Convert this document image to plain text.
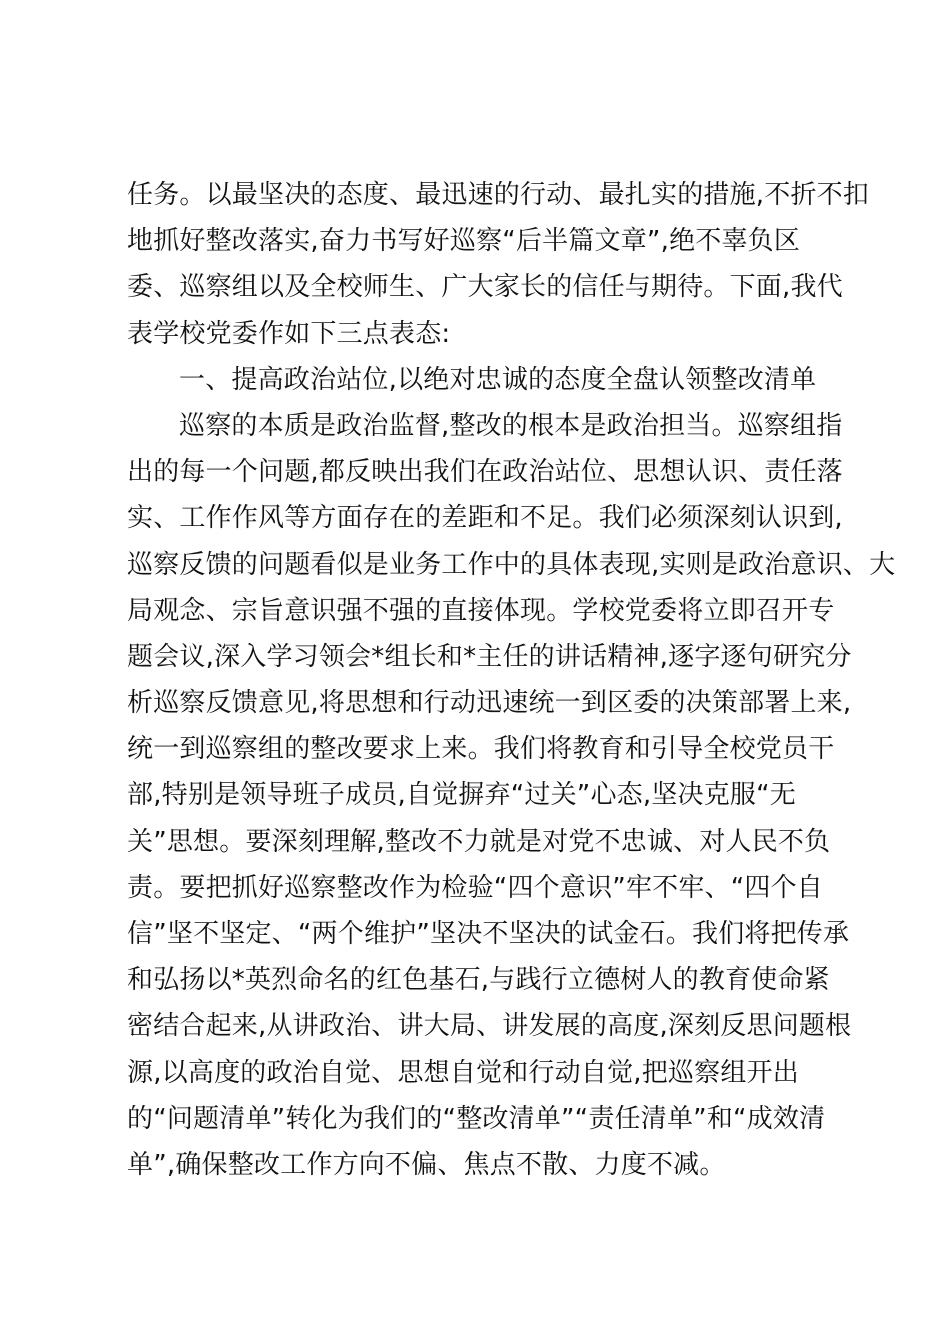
任务。以最坚决的态度、最迅速的行动、最扎实的措施,不折不扣
地抓好整改落实,奋力书写好巡察“后半篇文章”,绝不辜负区
委、巡察组以及全校师生、广大家长的信任与期待。下面,我代
表学校党委作如下三点表态:
一、提高政治站位,以绝对忠诚的态度全盘认领整改清单
巡察的本质是政治监督,整改的根本是政治担当。巡察组指
出的每一个问题,都反映出我们在政治站位、思想认识、责任落
实、工作作风等方面存在的差距和不足。我们必须深刻认识到,
巡察反馈的问题看似是业务工作中的具体表现,实则是政治意识、大
局观念、宗旨意识强不强的直接体现。学校党委将立即召开专
题会议,深入学习领会*组长和*主任的讲话精神,逐字逐句研究分
析巡察反馈意见,将思想和行动迅速统一到区委的决策部署上来,
统一到巡察组的整改要求上来。我们将教育和引导全校党员干
部,特别是领导班子成员,自觉摒弃“过关”心态,坚决克服“无
关”思想。要深刻理解,整改不力就是对党不忠诚、对人民不负
责。要把抓好巡察整改作为检验“四个意识”牢不牢、“四个自
信”坚不坚定、“两个维护”坚决不坚决的试金石。我们将把传承
和弘扬以*英烈命名的红色基石,与践行立德树人的教育使命紧
密结合起来,从讲政治、讲大局、讲发展的高度,深刻反思问题根
源,以高度的政治自觉、思想自觉和行动自觉,把巡察组开出
的“问题清单”转化为我们的“整改清单”“责任清单”和“成效清
单”,确保整改工作方向不偏、焦点不散、力度不减。
